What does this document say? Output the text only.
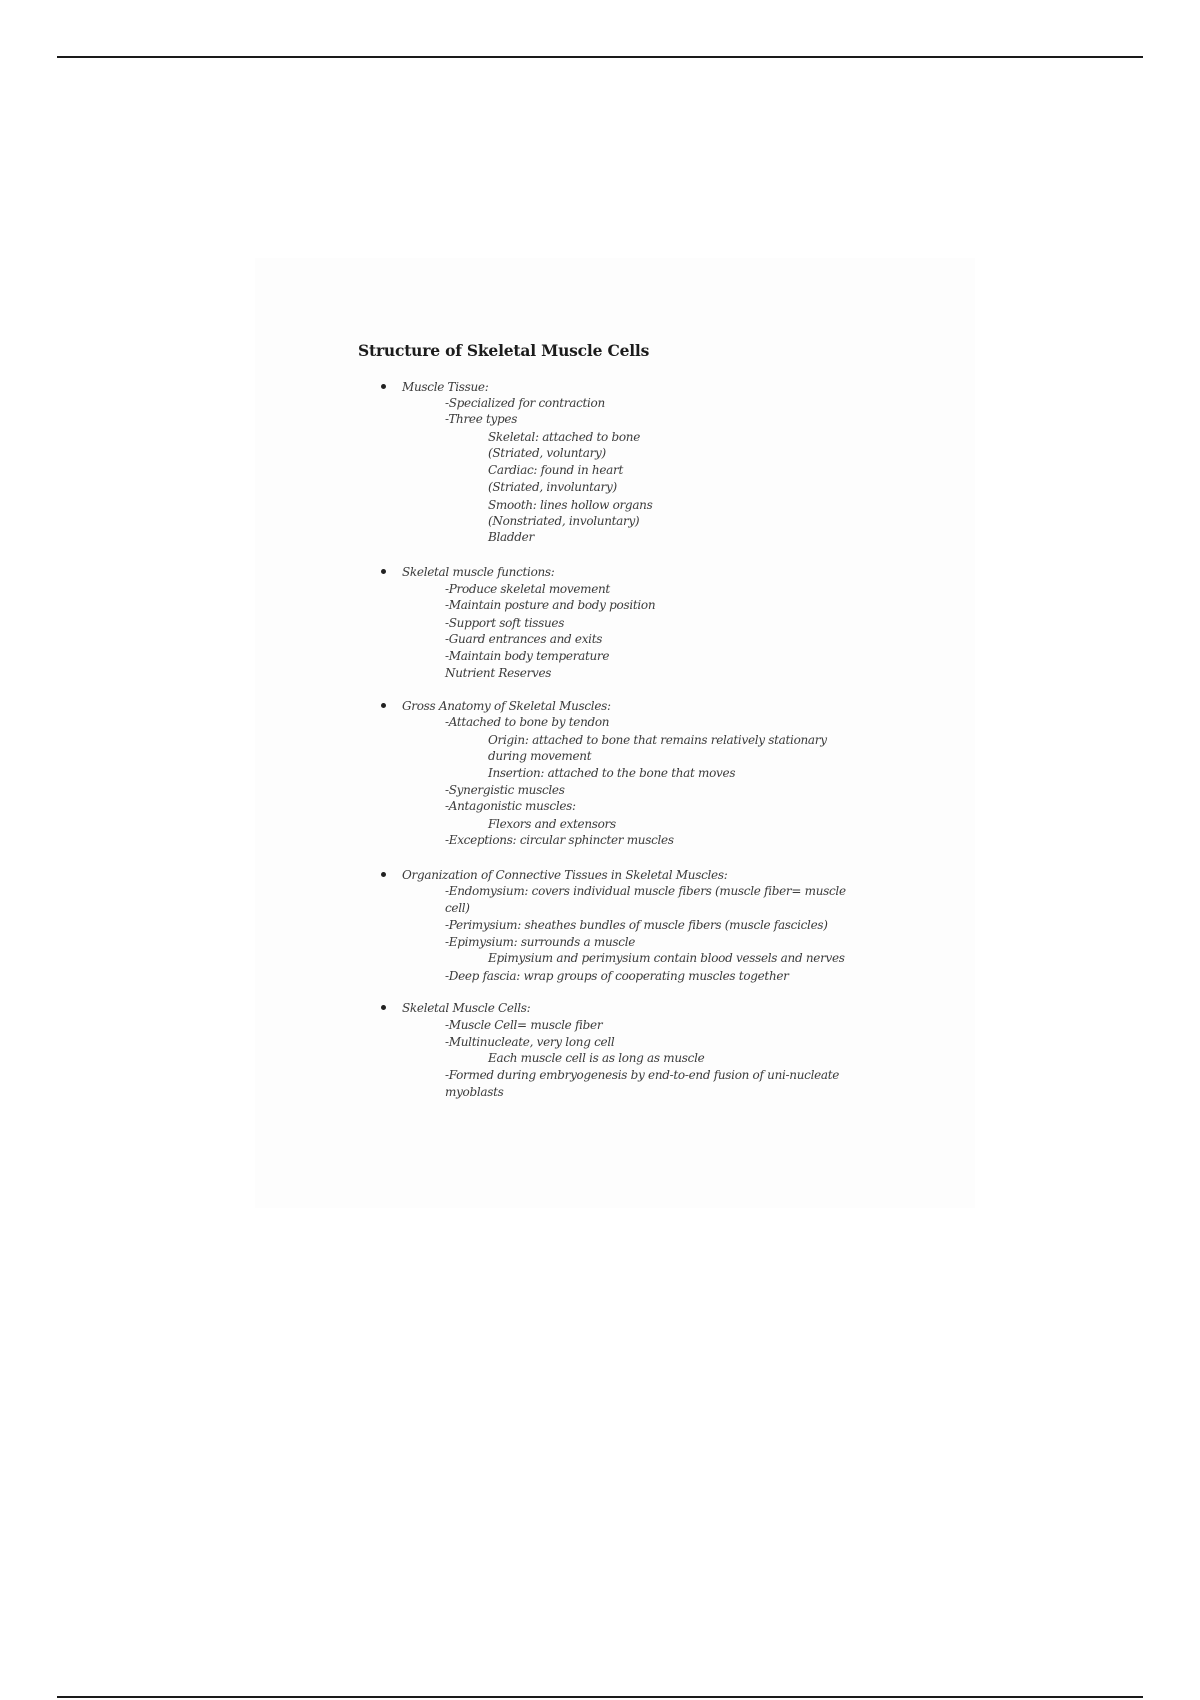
Structure of Skeletal Muscle Cells

Muscle Tissue:

-Specialized for contraction

-Three types

Skeletal: attached to bone

(Striated, voluntary)

Cardiac: found in heart

(Striated, involuntary)

Smooth: lines hollow organs

(Nonstriated, involuntary)

Bladder

Skeletal muscle functions:

-Produce skeletal movement

-Maintain posture and body position

-Support soft tissues

-Guard entrances and exits

-Maintain body temperature

Nutrient Reserves

Gross Anatomy of Skeletal Muscles:

-Attached to bone by tendon

Origin: attached to bone that remains relatively stationary

during movement

Insertion: attached to the bone that moves

-Synergistic muscles

-Antagonistic muscles:

Flexors and extensors

-Exceptions: circular sphincter muscles

Organization of Connective Tissues in Skeletal Muscles:

-Endomysium: covers individual muscle fibers (muscle fiber= muscle

cell)

-Perimysium: sheathes bundles of muscle fibers (muscle fascicles)

-Epimysium: surrounds a muscle

Epimysium and perimysium contain blood vessels and nerves

-Deep fascia: wrap groups of cooperating muscles together

Skeletal Muscle Cells:

-Muscle Cell= muscle fiber

-Multinucleate, very long cell

Each muscle cell is as long as muscle

-Formed during embryogenesis by end-to-end fusion of uni-nucleate

myoblasts
